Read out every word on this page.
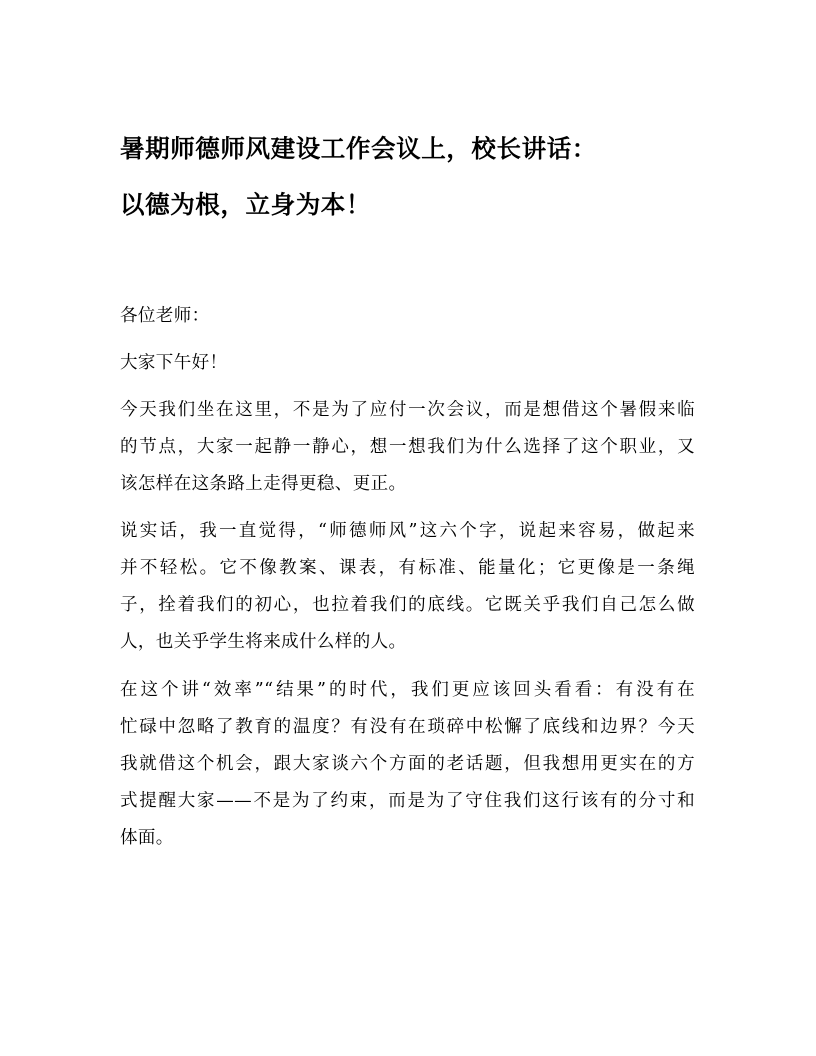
暑期师德师风建设工作会议上，校长讲话：
以德为根，立身为本！

各位老师：

大家下午好！

今天我们坐在这里，不是为了应付一次会议，而是想借这个暑假来临
的节点，大家一起静一静心，想一想我们为什么选择了这个职业，又
该怎样在这条路上走得更稳、更正。

说实话，我一直觉得，“师德师风”这六个字，说起来容易，做起来
并不轻松。它不像教案、课表，有标准、能量化；它更像是一条绳
子，拴着我们的初心，也拉着我们的底线。它既关乎我们自己怎么做
人，也关乎学生将来成什么样的人。

在这个讲“效率”“结果”的时代，我们更应该回头看看：有没有在
忙碌中忽略了教育的温度？有没有在琐碎中松懈了底线和边界？今天
我就借这个机会，跟大家谈六个方面的老话题，但我想用更实在的方
式提醒大家——不是为了约束，而是为了守住我们这行该有的分寸和
体面。
